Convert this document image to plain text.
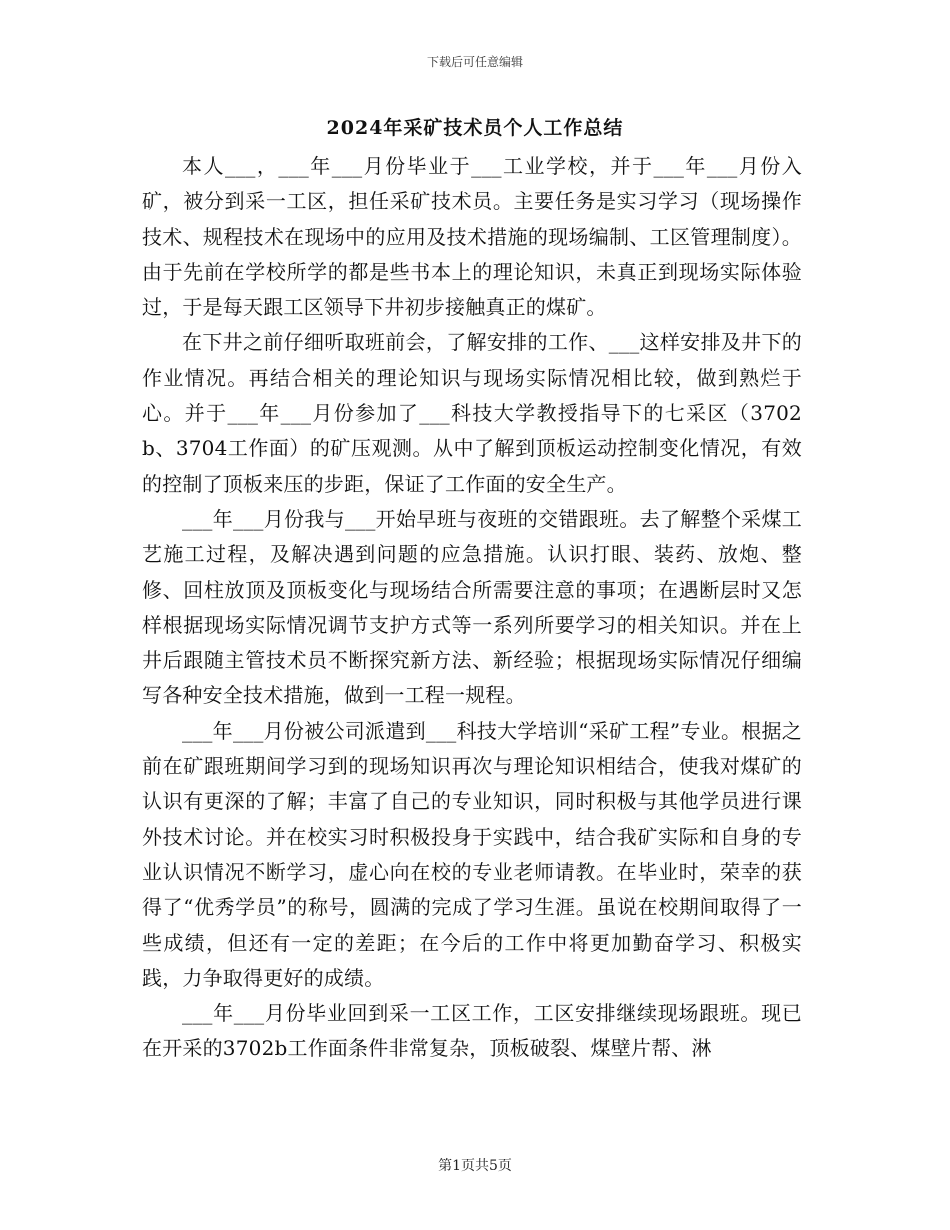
下载后可任意编辑
2024年采矿技术员个人工作总结

本人___，___年___月份毕业于___工业学校，并于___年___月份入矿，被分到采一工区，担任采矿技术员。主要任务是实习学习（现场操作技术、规程技术在现场中的应用及技术措施的现场编制、工区管理制度）。由于先前在学校所学的都是些书本上的理论知识，未真正到现场实际体验过，于是每天跟工区领导下井初步接触真正的煤矿。

在下井之前仔细听取班前会，了解安排的工作、___这样安排及井下的作业情况。再结合相关的理论知识与现场实际情况相比较，做到熟烂于心。并于___年___月份参加了___科技大学教授指导下的七采区（3702b、3704工作面）的矿压观测。从中了解到顶板运动控制变化情况，有效的控制了顶板来压的步距，保证了工作面的安全生产。

___年___月份我与___开始早班与夜班的交错跟班。去了解整个采煤工艺施工过程，及解决遇到问题的应急措施。认识打眼、装药、放炮、整修、回柱放顶及顶板变化与现场结合所需要注意的事项；在遇断层时又怎样根据现场实际情况调节支护方式等一系列所要学习的相关知识。并在上井后跟随主管技术员不断探究新方法、新经验；根据现场实际情况仔细编写各种安全技术措施，做到一工程一规程。

___年___月份被公司派遣到___科技大学培训“采矿工程”专业。根据之前在矿跟班期间学习到的现场知识再次与理论知识相结合，使我对煤矿的认识有更深的了解；丰富了自己的专业知识，同时积极与其他学员进行课外技术讨论。并在校实习时积极投身于实践中，结合我矿实际和自身的专业认识情况不断学习，虚心向在校的专业老师请教。在毕业时，荣幸的获得了“优秀学员”的称号，圆满的完成了学习生涯。虽说在校期间取得了一些成绩，但还有一定的差距；在今后的工作中将更加勤奋学习、积极实践，力争取得更好的成绩。

___年___月份毕业回到采一工区工作，工区安排继续现场跟班。现已在开采的3702b工作面条件非常复杂，顶板破裂、煤壁片帮、淋

第1页共5页
